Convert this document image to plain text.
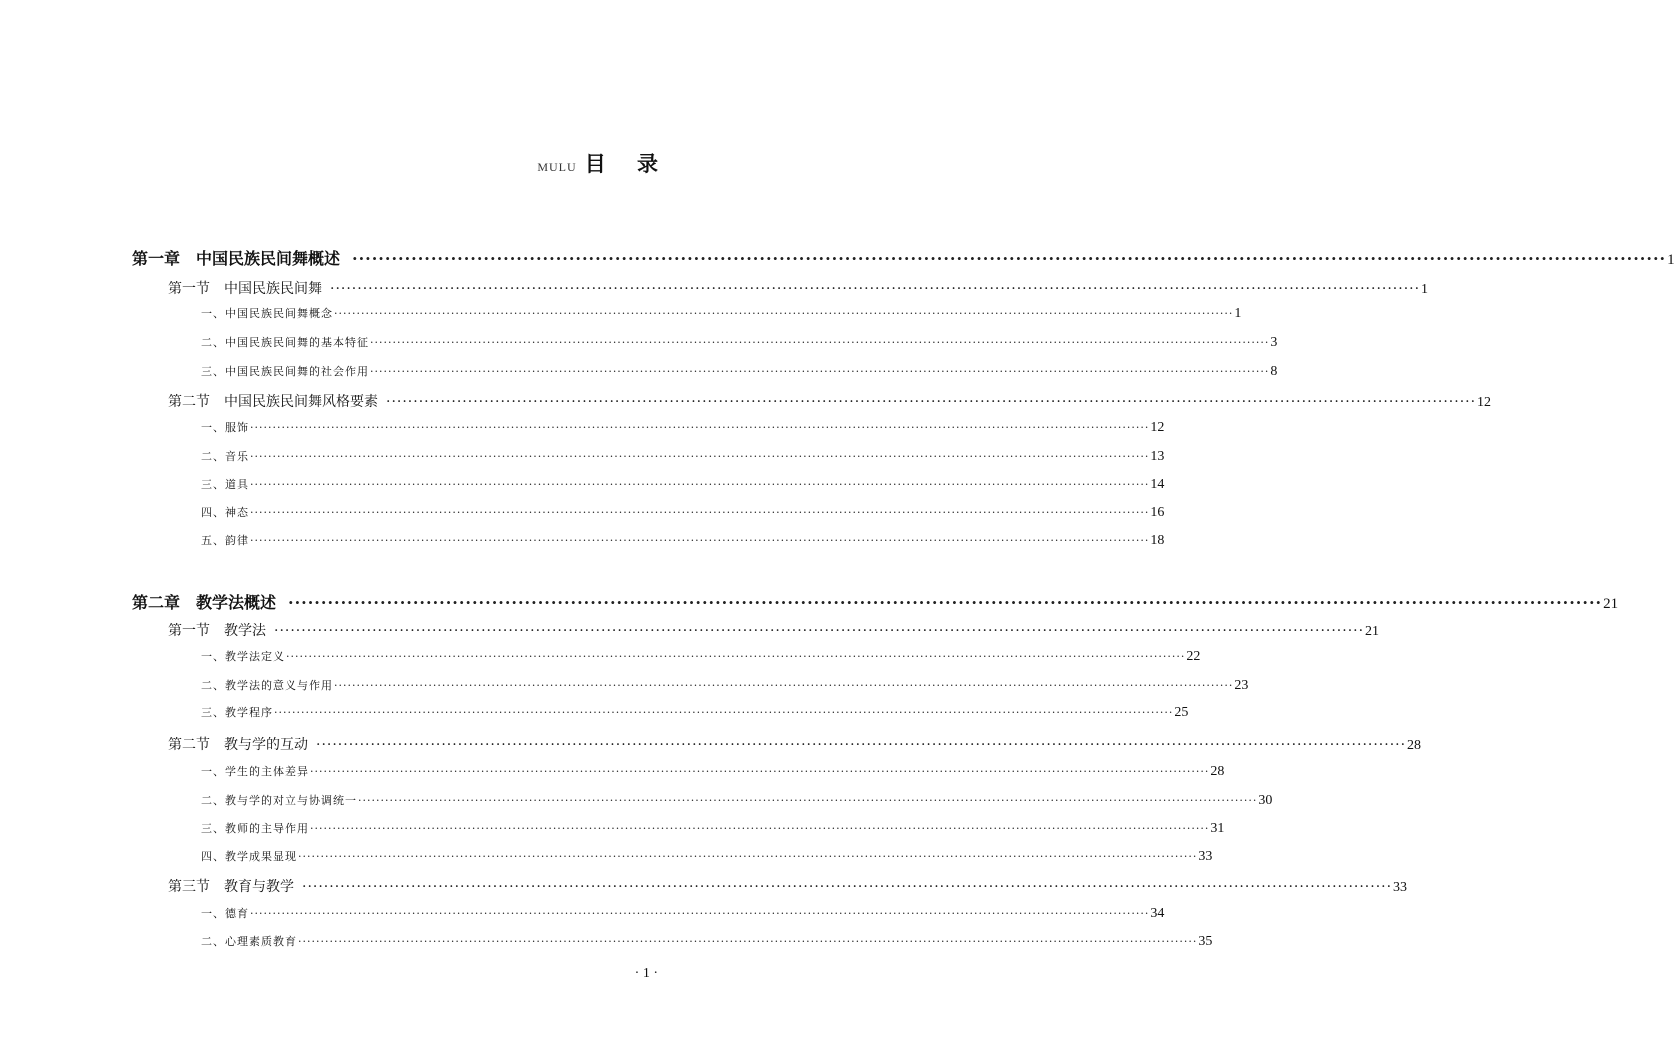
MULU 目 录
第一章　中国民族民间舞概述 ········································································································································································································ 1
第一节　中国民族民间舞 ········································································································································································································ 1
一、中国民族民间舞概念 ········································································································································································································ 1
二、中国民族民间舞的基本特征 ········································································································································································································ 3
三、中国民族民间舞的社会作用 ········································································································································································································ 8
第二节　中国民族民间舞风格要素 ········································································································································································································ 12
一、服饰 ········································································································································································································ 12
二、音乐 ········································································································································································································ 13
三、道具 ········································································································································································································ 14
四、神态 ········································································································································································································ 16
五、韵律 ········································································································································································································ 18
第二章　教学法概述 ········································································································································································································ 21
第一节　教学法 ········································································································································································································ 21
一、教学法定义 ········································································································································································································ 22
二、教学法的意义与作用 ········································································································································································································ 23
三、教学程序 ········································································································································································································ 25
第二节　教与学的互动 ········································································································································································································ 28
一、学生的主体差异 ········································································································································································································ 28
二、教与学的对立与协调统一 ········································································································································································································ 30
三、教师的主导作用 ········································································································································································································ 31
四、教学成果显现 ········································································································································································································ 33
第三节　教育与教学 ········································································································································································································ 33
一、德育 ········································································································································································································ 34
二、心理素质教育 ········································································································································································································ 35
· 1 ·
